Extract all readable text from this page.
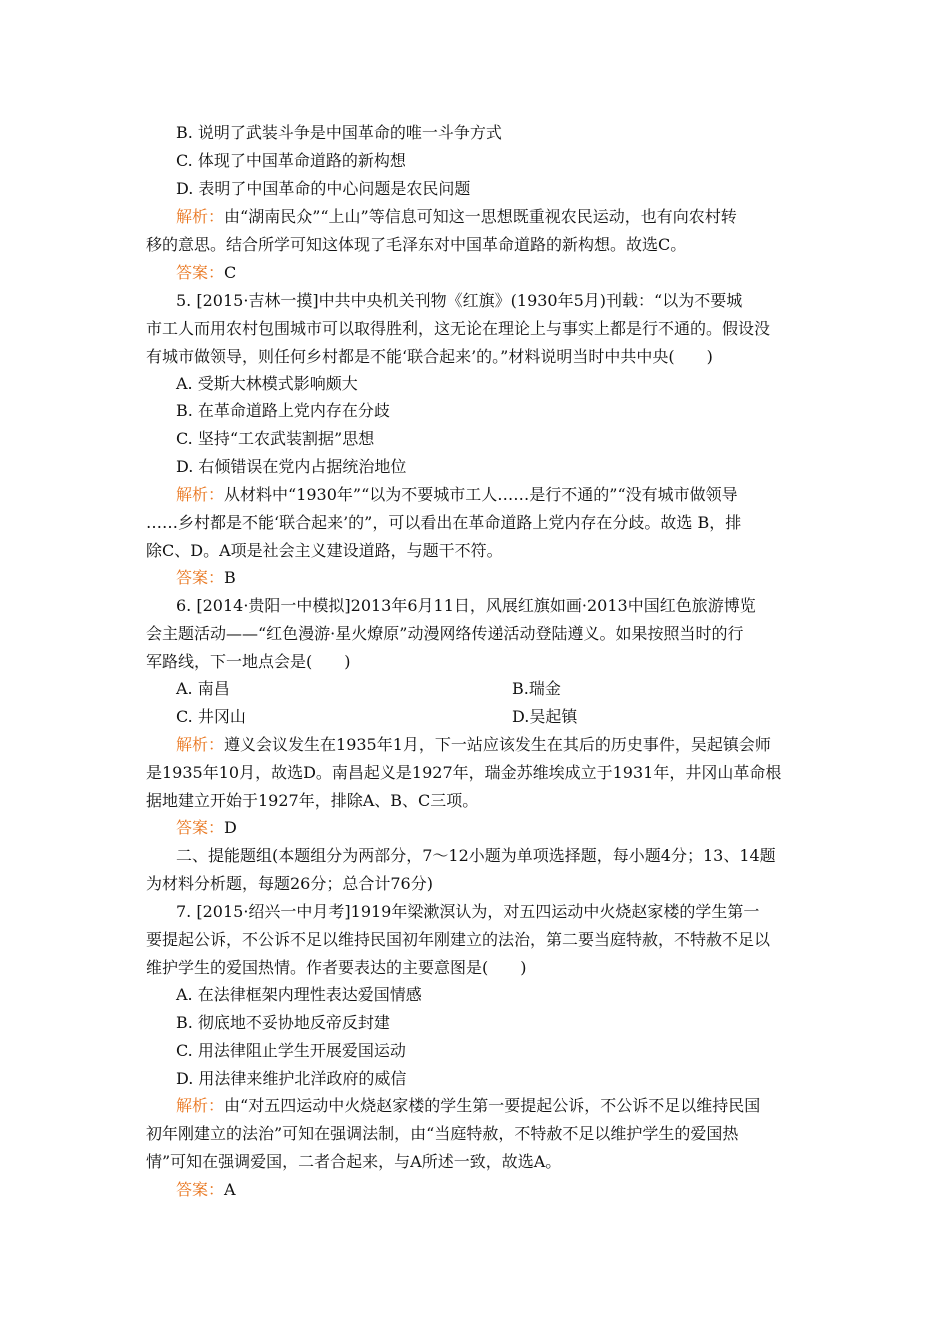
B. 说明了武装斗争是中国革命的唯一斗争方式
C. 体现了中国革命道路的新构想
D. 表明了中国革命的中心问题是农民问题
解析：由“湖南民众”“上山”等信息可知这一思想既重视农民运动，也有向农村转
移的意思。结合所学可知这体现了毛泽东对中国革命道路的新构想。故选C。
答案：C
5. [2015·吉林一摸]中共中央机关刊物《红旗》(1930年5月)刊载：“以为不要城
市工人而用农村包围城市可以取得胜利，这无论在理论上与事实上都是行不通的。假设没
有城市做领导，则任何乡村都是不能‘联合起来’的。”材料说明当时中共中央(　　)
A. 受斯大林模式影响颇大
B. 在革命道路上党内存在分歧
C. 坚持“工农武装割据”思想
D. 右倾错误在党内占据统治地位
解析：从材料中“1930年”“以为不要城市工人……是行不通的”“没有城市做领导
……乡村都是不能‘联合起来’的”，可以看出在革命道路上党内存在分歧。故选 B，排
除C、D。A项是社会主义建设道路，与题干不符。
答案：B
6. [2014·贵阳一中模拟]2013年6月11日，风展红旗如画·2013中国红色旅游博览
会主题活动——“红色漫游·星火燎原”动漫网络传递活动登陆遵义。如果按照当时的行
军路线，下一地点会是(　　)
A. 南昌	B.瑞金
C. 井冈山	D.吴起镇
解析：遵义会议发生在1935年1月，下一站应该发生在其后的历史事件，吴起镇会师
是1935年10月，故选D。南昌起义是1927年，瑞金苏维埃成立于1931年，井冈山革命根
据地建立开始于1927年，排除A、B、C三项。
答案：D
二、提能题组(本题组分为两部分，7～12小题为单项选择题，每小题4分；13、14题
为材料分析题，每题26分；总合计76分)
7. [2015·绍兴一中月考]1919年梁漱溟认为，对五四运动中火烧赵家楼的学生第一
要提起公诉，不公诉不足以维持民国初年刚建立的法治，第二要当庭特赦，不特赦不足以
维护学生的爱国热情。作者要表达的主要意图是(　　)
A. 在法律框架内理性表达爱国情感
B. 彻底地不妥协地反帝反封建
C. 用法律阻止学生开展爱国运动
D. 用法律来维护北洋政府的威信
解析：由“对五四运动中火烧赵家楼的学生第一要提起公诉，不公诉不足以维持民国
初年刚建立的法治”可知在强调法制，由“当庭特赦，不特赦不足以维护学生的爱国热
情”可知在强调爱国，二者合起来，与A所述一致，故选A。
答案：A
